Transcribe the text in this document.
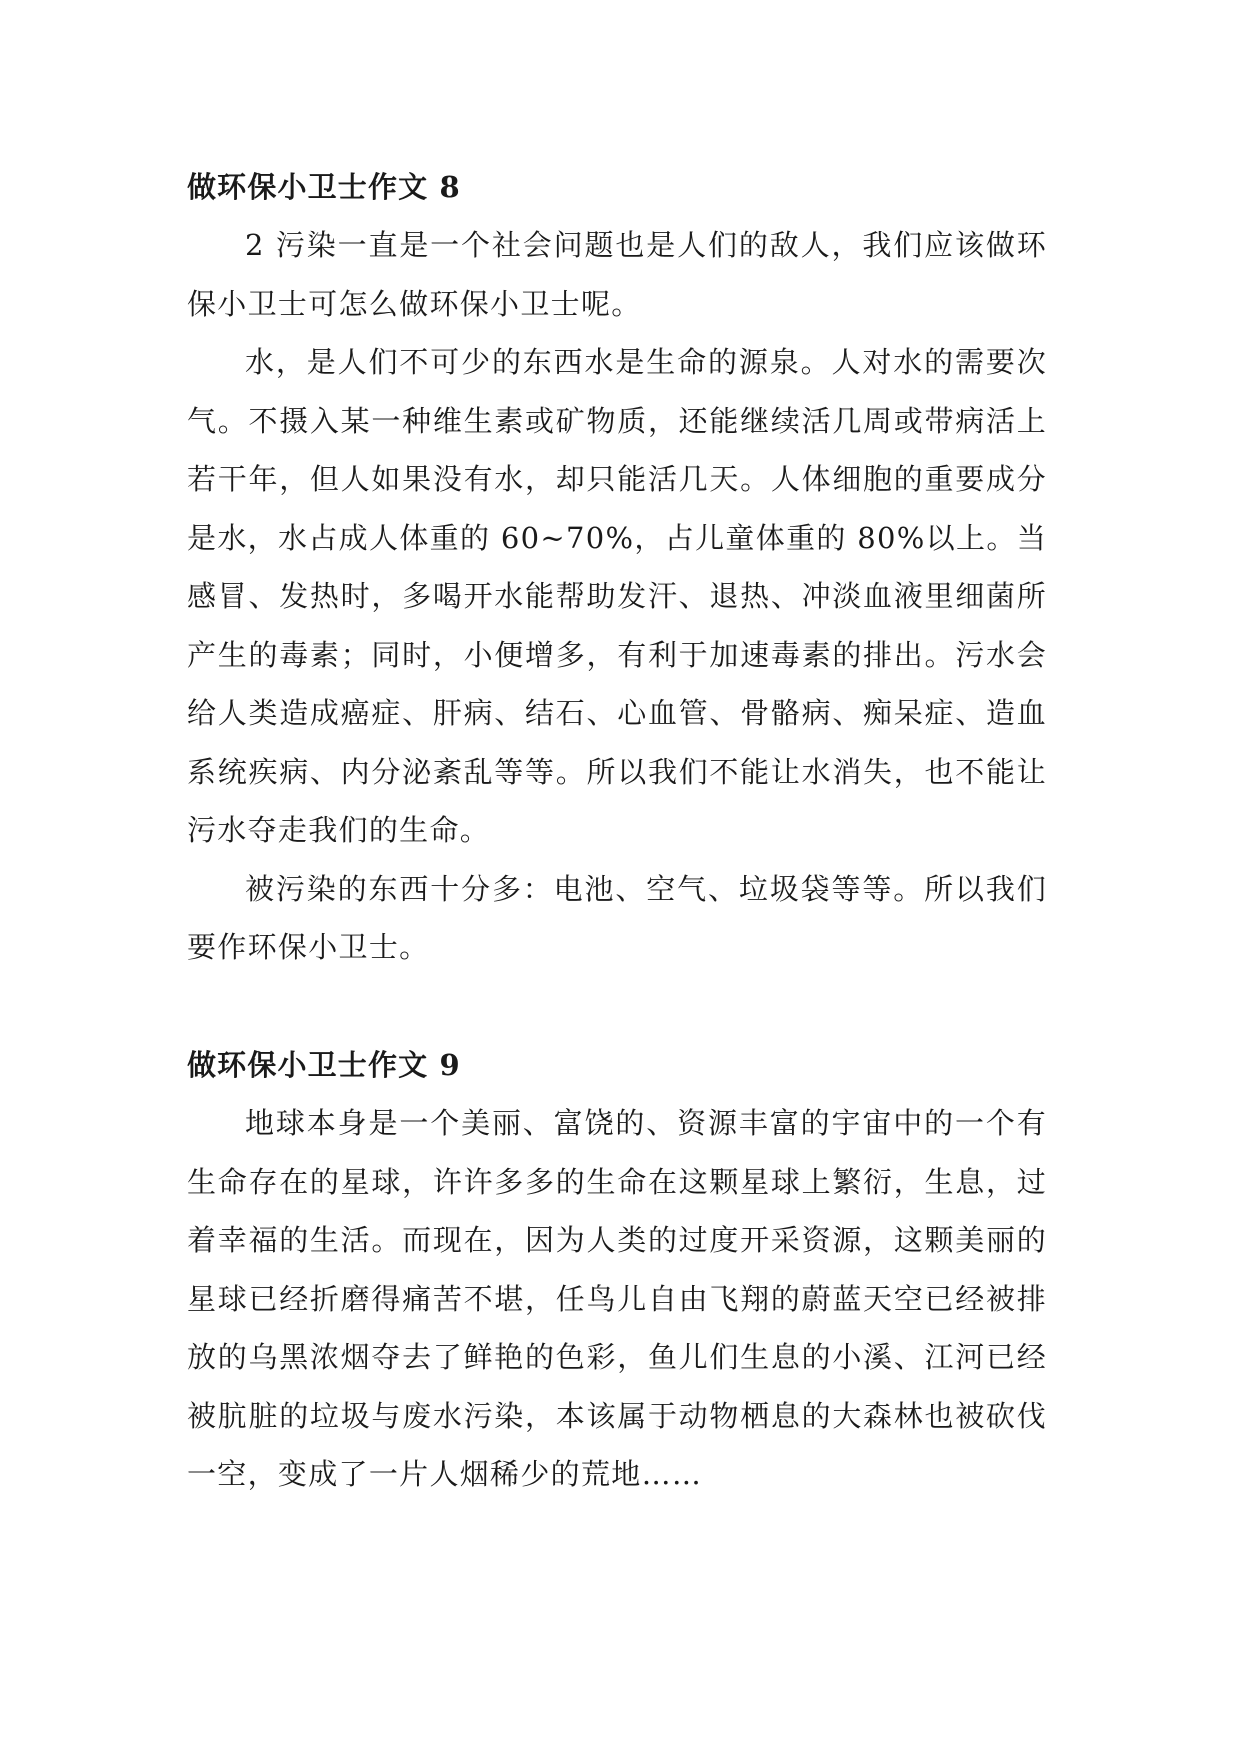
做环保小卫士作文 8

2 污染一直是一个社会问题也是人们的敌人，我们应该做环保小卫士可怎么做环保小卫士呢。

水，是人们不可少的东西水是生命的源泉。人对水的需要次气。不摄入某一种维生素或矿物质，还能继续活几周或带病活上若干年，但人如果没有水，却只能活几天。人体细胞的重要成分是水，水占成人体重的 60~70%，占儿童体重的 80%以上。当感冒、发热时，多喝开水能帮助发汗、退热、冲淡血液里细菌所产生的毒素；同时，小便增多，有利于加速毒素的排出。污水会给人类造成癌症、肝病、结石、心血管、骨骼病、痴呆症、造血系统疾病、内分泌紊乱等等。所以我们不能让水消失，也不能让污水夺走我们的生命。

被污染的东西十分多：电池、空气、垃圾袋等等。所以我们要作环保小卫士。

做环保小卫士作文 9

地球本身是一个美丽、富饶的、资源丰富的宇宙中的一个有生命存在的星球，许许多多的生命在这颗星球上繁衍，生息，过着幸福的生活。而现在，因为人类的过度开采资源，这颗美丽的星球已经折磨得痛苦不堪，任鸟儿自由飞翔的蔚蓝天空已经被排放的乌黑浓烟夺去了鲜艳的色彩，鱼儿们生息的小溪、江河已经被肮脏的垃圾与废水污染，本该属于动物栖息的大森林也被砍伐一空，变成了一片人烟稀少的荒地……
